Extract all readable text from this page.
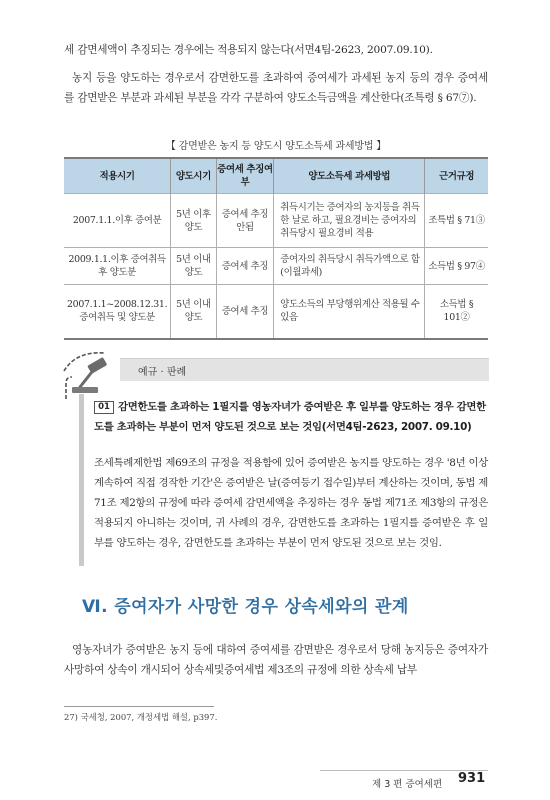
세 감면세액이 추징되는 경우에는 적용되지 않는다(서면4팀-2623, 2007.09.10).

농지 등을 양도하는 경우로서 감면한도를 초과하여 증여세가 과세된 농지 등의 경우 증여세를 감면받은 부분과 과세된 부분을 각각 구분하여 양도소득금액을 계산한다(조특령 § 67⑦).

【 감면받은 농지 등 양도시 양도소득세 과세방법 】
적용시기	양도시기	증여세 추징여부	양도소득세 과세방법	근거규정
2007.1.1.이후 증여분	5년 이후 양도	증여세 추징안됨	취득시기는 증여자의 농지등을 취득한 날로 하고, 필요경비는 증여자의 취득당시 필요경비 적용	조특법 § 71③
2009.1.1.이후 증여취득후 양도분	5년 이내 양도	증여세 추징	증여자의 취득당시 취득가액으로 함(이월과세)	소득법 § 97④
2007.1.1~2008.12.31.증여취득 및 양도분	5년 이내 양도	증여세 추징	양도소득의 부당행위계산 적용될 수 있음	소득법 § 101②
예규 · 판례
01 감면한도를 초과하는 1필지를 영농자녀가 증여받은 후 일부를 양도하는 경우 감면한도를 초과하는 부분이 먼저 양도된 것으로 보는 것임(서면4팀-2623, 2007. 09.10)

조세특례제한법 제69조의 규정을 적용함에 있어 증여받은 농지를 양도하는 경우 '8년 이상 계속하여 직접 경작한 기간'은 증여받은 날(증여등기 접수일)부터 계산하는 것이며, 동법 제71조 제2항의 규정에 따라 증여세 감면세액을 추징하는 경우 동법 제71조 제3항의 규정은 적용되지 아니하는 것이며, 귀 사례의 경우, 감면한도를 초과하는 1필지를 증여받은 후 일부를 양도하는 경우, 감면한도를 초과하는 부분이 먼저 양도된 것으로 보는 것임.

Ⅵ. 증여자가 사망한 경우 상속세와의 관계

영농자녀가 증여받은 농지 등에 대하여 증여세를 감면받은 경우로서 당해 농지등은 증여자가 사망하여 상속이 개시되어 상속세및증여세법 제3조의 규정에 의한 상속세 납부

27) 국세청, 2007, 개정세법 해설, p397.
제 3 편 증여세편 931
